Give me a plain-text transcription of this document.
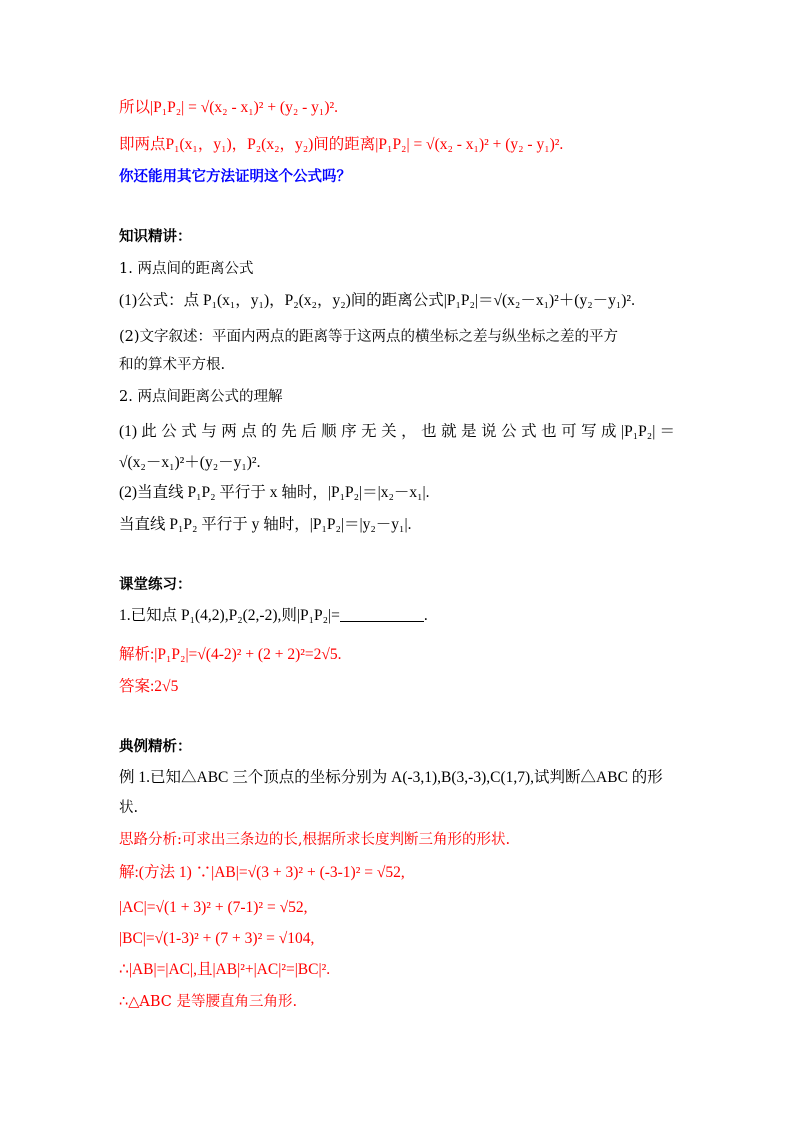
所以|P₁P₂| = √(x₂ - x₁)² + (y₂ - y₁)².
即两点P₁(x₁，y₁)，P₂(x₂，y₂)间的距离|P₁P₂| = √(x₂ - x₁)² + (y₂ - y₁)².
你还能用其它方法证明这个公式吗？
知识精讲：
1. 两点间的距离公式
(1)公式：点 P₁(x₁，y₁)，P₂(x₂，y₂)间的距离公式|P₁P₂|＝√(x₂－x₁)²＋(y₂－y₁)².
(2)文字叙述：平面内两点的距离等于这两点的横坐标之差与纵坐标之差的平方
和的算术平方根.
2. 两点间距离公式的理解
(1) 此 公 式 与 两 点 的 先 后 顺 序 无 关 ， 也 就 是 说 公 式 也 可 写 成 |P₁P₂| ＝
√(x₂－x₁)²＋(y₂－y₁)².
(2)当直线 P₁P₂ 平行于 x 轴时，|P₁P₂|＝|x₂－x₁|.
当直线 P₁P₂ 平行于 y 轴时，|P₁P₂|＝|y₂－y₁|.
课堂练习：
1.已知点 P₁(4,2),P₂(2,-2),则|P₁P₂|=	.
解析:|P₁P₂|=√(4-2)² + (2 + 2)²=2√5.
答案:2√5
典例精析：
例 1.已知△ABC 三个顶点的坐标分别为 A(-3,1),B(3,-3),C(1,7),试判断△ABC 的形
状.
思路分析:可求出三条边的长,根据所求长度判断三角形的形状.
解:(方法 1) ∵|AB|=√(3 + 3)² + (-3-1)² = √52,
|AC|=√(1 + 3)² + (7-1)² = √52,
|BC|=√(1-3)² + (7 + 3)² = √104,
∴|AB|=|AC|,且|AB|²+|AC|²=|BC|².
∴△ABC 是等腰直角三角形.
